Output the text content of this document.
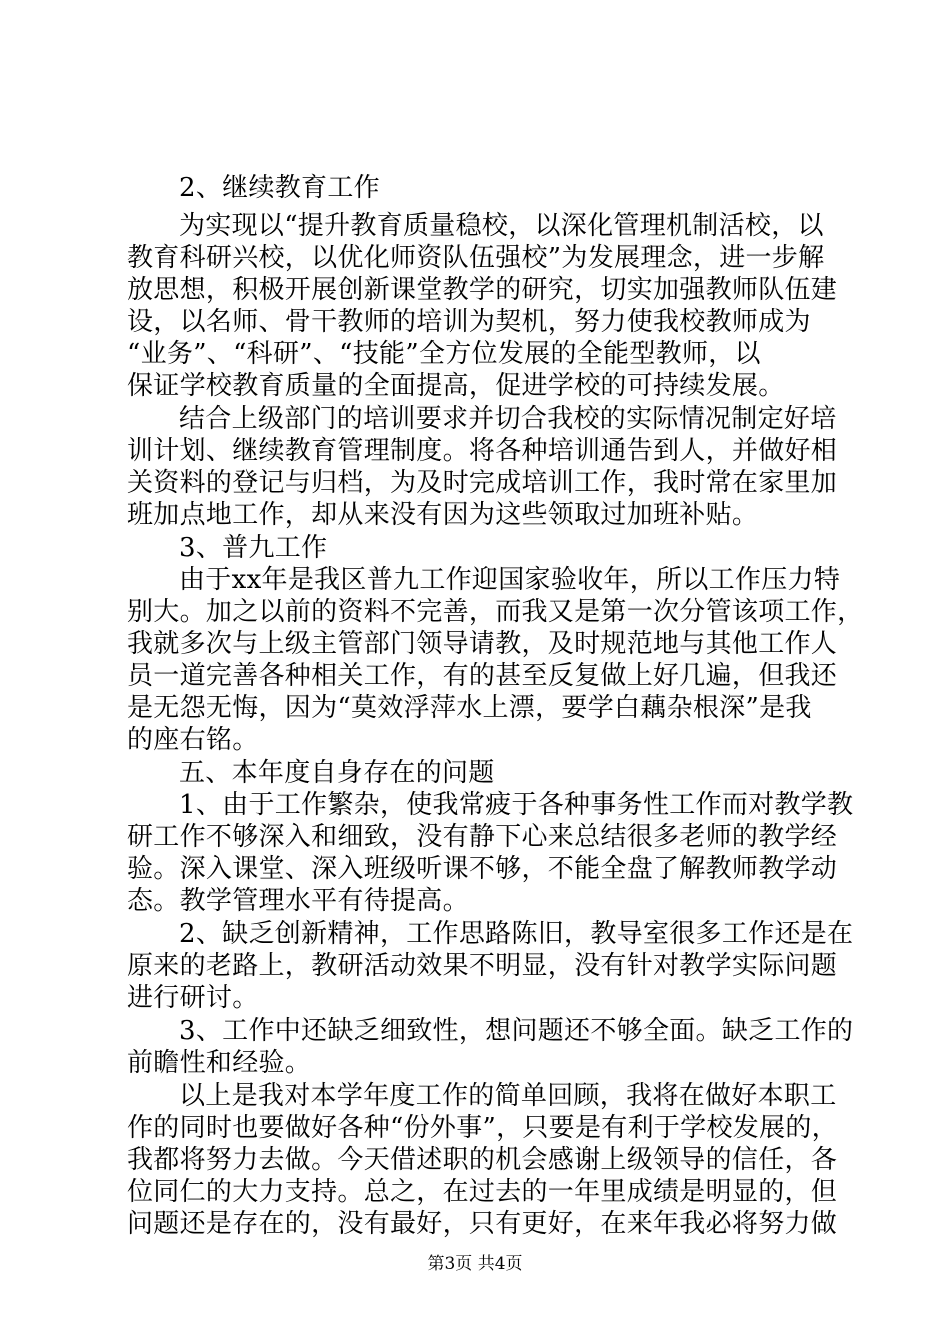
2、继续教育工作
为实现以“提升教育质量稳校，以深化管理机制活校，以
教育科研兴校，以优化师资队伍强校”为发展理念，进一步解
放思想，积极开展创新课堂教学的研究，切实加强教师队伍建
设，以名师、骨干教师的培训为契机，努力使我校教师成为
“业务”、“科研”、“技能”全方位发展的全能型教师，以
保证学校教育质量的全面提高，促进学校的可持续发展。
结合上级部门的培训要求并切合我校的实际情况制定好培
训计划、继续教育管理制度。将各种培训通告到人，并做好相
关资料的登记与归档，为及时完成培训工作，我时常在家里加
班加点地工作，却从来没有因为这些领取过加班补贴。
3、普九工作
由于xx年是我区普九工作迎国家验收年，所以工作压力特
别大。加之以前的资料不完善，而我又是第一次分管该项工作，
我就多次与上级主管部门领导请教，及时规范地与其他工作人
员一道完善各种相关工作，有的甚至反复做上好几遍，但我还
是无怨无悔，因为“莫效浮萍水上漂，要学白藕杂根深”是我
的座右铭。
五、本年度自身存在的问题
1、由于工作繁杂，使我常疲于各种事务性工作而对教学教
研工作不够深入和细致，没有静下心来总结很多老师的教学经
验。深入课堂、深入班级听课不够，不能全盘了解教师教学动
态。教学管理水平有待提高。
2、缺乏创新精神，工作思路陈旧，教导室很多工作还是在
原来的老路上，教研活动效果不明显，没有针对教学实际问题
进行研讨。
3、工作中还缺乏细致性，想问题还不够全面。缺乏工作的
前瞻性和经验。
以上是我对本学年度工作的简单回顾，我将在做好本职工
作的同时也要做好各种“份外事”，只要是有利于学校发展的，
我都将努力去做。今天借述职的机会感谢上级领导的信任，各
位同仁的大力支持。总之，在过去的一年里成绩是明显的，但
问题还是存在的，没有最好，只有更好，在来年我必将努力做
第3页 共4页
